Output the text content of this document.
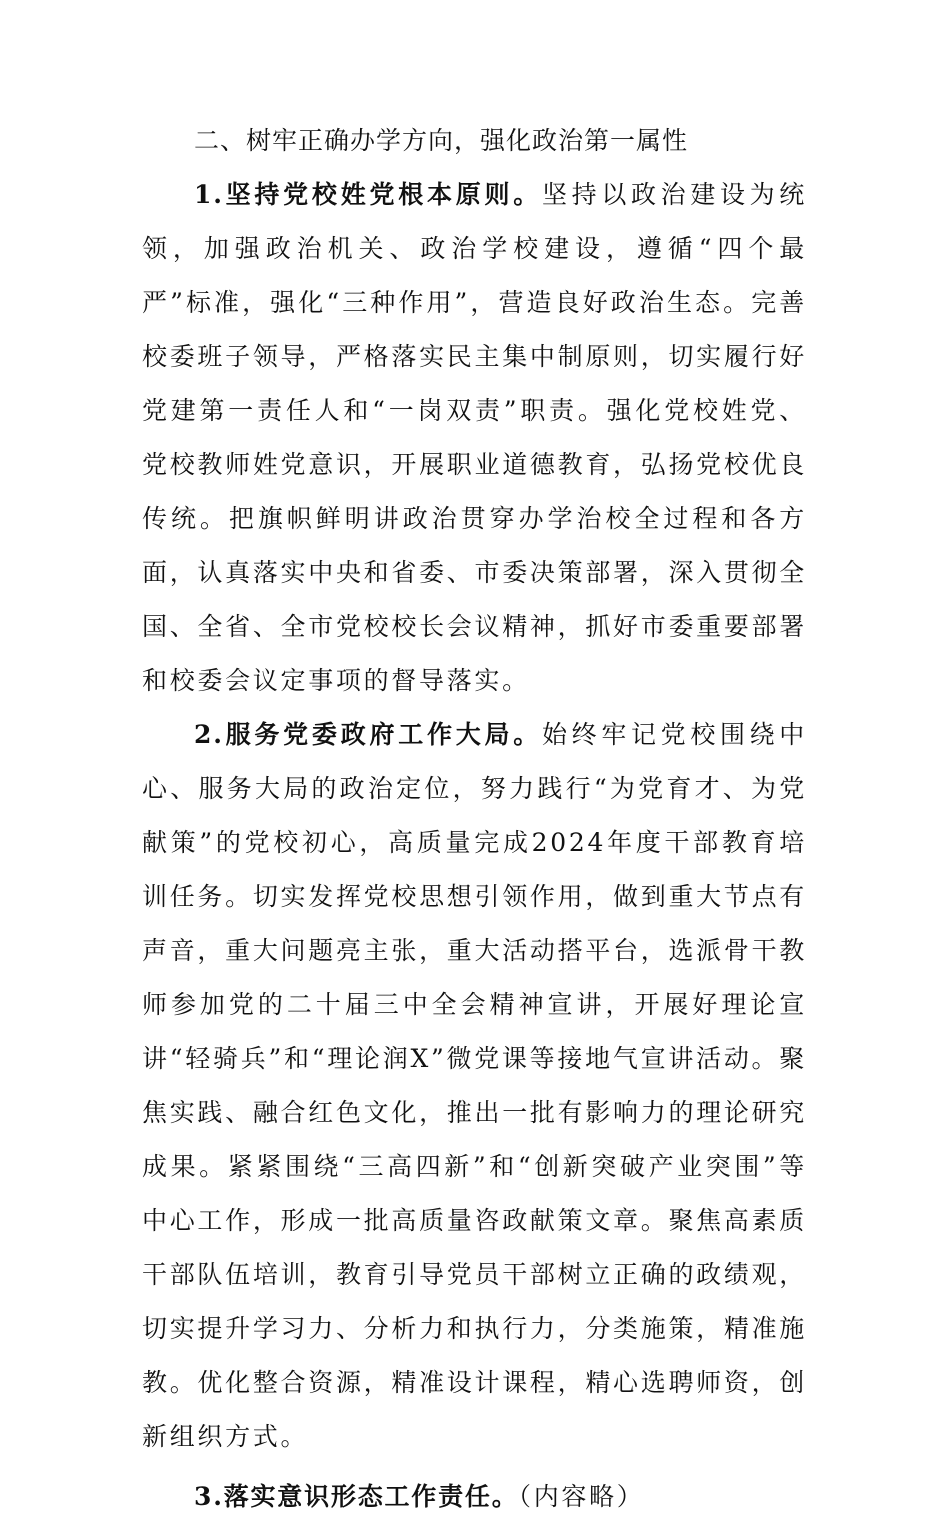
二、树牢正确办学方向，强化政治第一属性

1.坚持党校姓党根本原则。坚持以政治建设为统领，加强政治机关、政治学校建设，遵循“四个最严”标准，强化“三种作用”，营造良好政治生态。完善校委班子领导，严格落实民主集中制原则，切实履行好党建第一责任人和“一岗双责”职责。强化党校姓党、党校教师姓党意识，开展职业道德教育，弘扬党校优良传统。把旗帜鲜明讲政治贯穿办学治校全过程和各方面，认真落实中央和省委、市委决策部署，深入贯彻全国、全省、全市党校校长会议精神，抓好市委重要部署和校委会议定事项的督导落实。

2.服务党委政府工作大局。始终牢记党校围绕中心、服务大局的政治定位，努力践行“为党育才、为党献策”的党校初心，高质量完成2024年度干部教育培训任务。切实发挥党校思想引领作用，做到重大节点有声音，重大问题亮主张，重大活动搭平台，选派骨干教师参加党的二十届三中全会精神宣讲，开展好理论宣讲“轻骑兵”和“理论润X”微党课等接地气宣讲活动。聚焦实践、融合红色文化，推出一批有影响力的理论研究成果。紧紧围绕“三高四新”和“创新突破产业突围”等中心工作，形成一批高质量咨政献策文章。聚焦高素质干部队伍培训，教育引导党员干部树立正确的政绩观，切实提升学习力、分析力和执行力，分类施策，精准施教。优化整合资源，精准设计课程，精心选聘师资，创新组织方式。

3.落实意识形态工作责任。（内容略）
